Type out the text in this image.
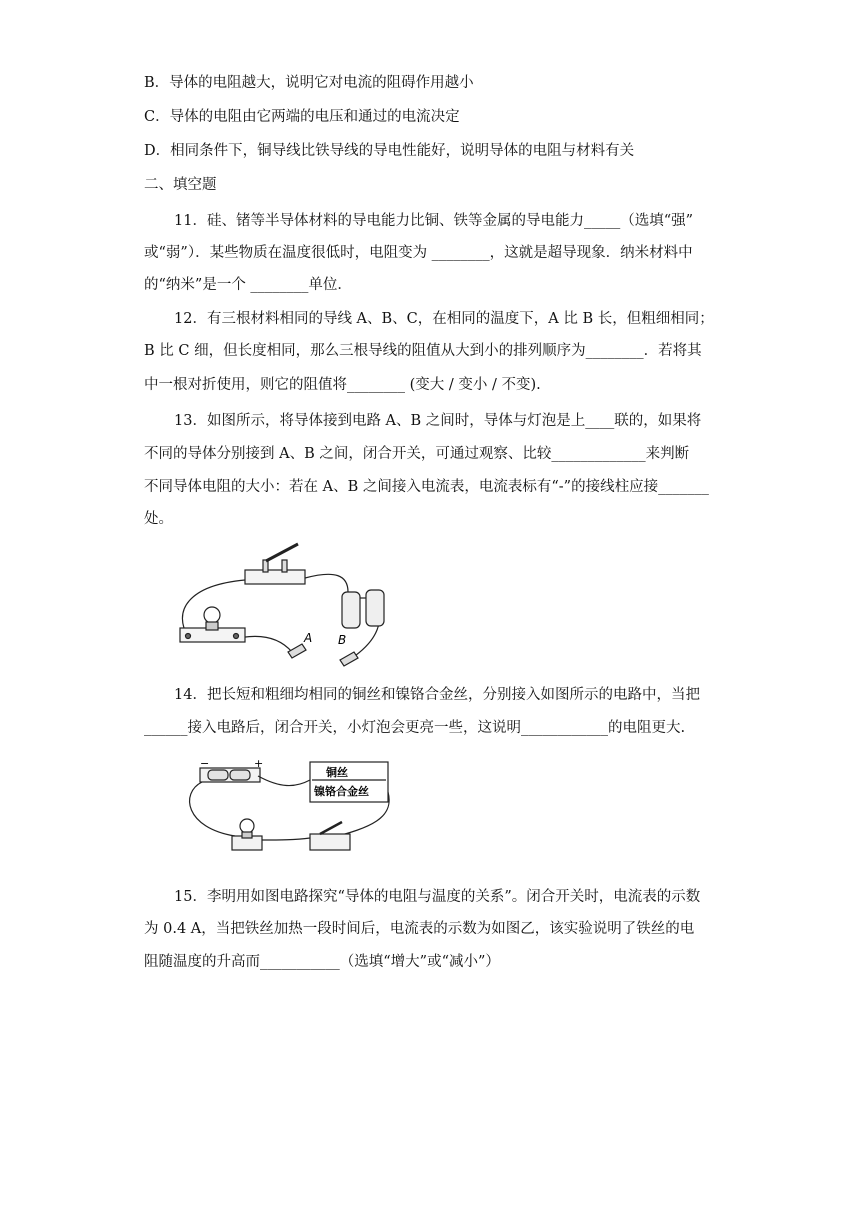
B．导体的电阻越大，说明它对电流的阻碍作用越小
C．导体的电阻由它两端的电压和通过的电流决定
D．相同条件下，铜导线比铁导线的导电性能好，说明导体的电阻与材料有关
二、填空题
11．硅、锗等半导体材料的导电能力比铜、铁等金属的导电能力_____（选填“强”
或“弱”）．某些物质在温度很低时，电阻变为 ________，这就是超导现象．纳米材料中
的“纳米”是一个 ________单位．
12．有三根材料相同的导线 A、B、C，在相同的温度下，A 比 B 长，但粗细相同；
B 比 C 细，但长度相同，那么三根导线的阻值从大到小的排列顺序为________．若将其
中一根对折使用，则它的阻值将________ (变大 / 变小 / 不变).
13．如图所示，将导体接到电路 A、B 之间时，导体与灯泡是上____联的，如果将
不同的导体分别接到 A、B 之间，闭合开关，可通过观察、比较_____________来判断
不同导体电阻的大小：若在 A、B 之间接入电流表，电流表标有“-”的接线柱应接_______
处。
A B
14．把长短和粗细均相同的铜丝和镍铬合金丝，分别接入如图所示的电路中，当把
______接入电路后，闭合开关，小灯泡会更亮一些，这说明____________的电阻更大.
−	+
铜丝
镍铬合金丝
15．李明用如图电路探究“导体的电阻与温度的关系”。闭合开关时，电流表的示数
为 0.4 A，当把铁丝加热一段时间后，电流表的示数为如图乙，该实验说明了铁丝的电
阻随温度的升高而___________（选填“增大”或“减小”）
